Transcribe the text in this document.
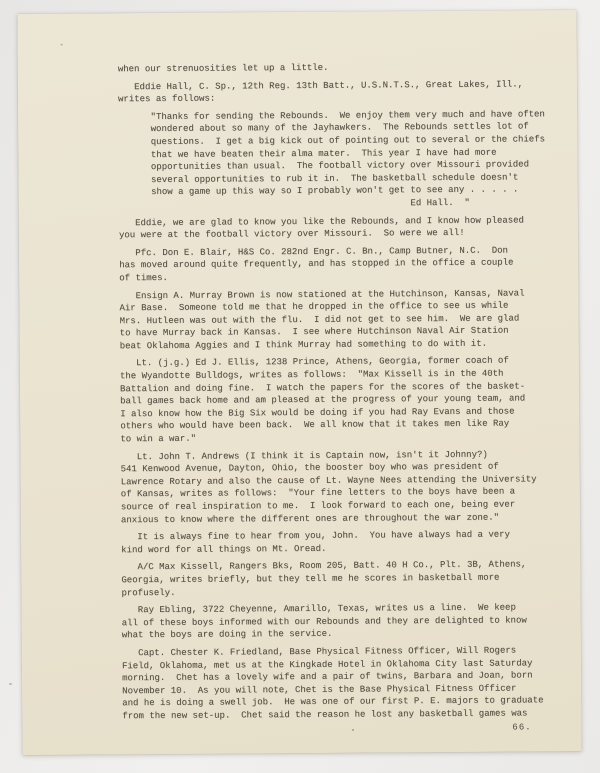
when our strenuosities let up a little.
Eddie Hall, C. Sp., 12th Reg. 13th Batt., U.S.N.T.S., Great Lakes, Ill.,
writes as follows:
"Thanks for sending the Rebounds.  We enjoy them very much and have often
wondered about so many of the Jayhawkers.  The Rebounds settles lot of
questions.  I get a big kick out of pointing out to several or the chiefs
that we have beaten their alma mater.  This year I have had more
opportunities than usual.  The football victory over Missouri provided
several opportunities to rub it in.  The basketball schedule doesn't
show a game up this way so I probably won't get to see any . . . . .
Ed Hall.  "
Eddie, we are glad to know you like the Rebounds, and I know how pleased
you were at the football victory over Missouri.  So were we all!
Pfc. Don E. Blair, H&S Co. 282nd Engr. C. Bn., Camp Butner, N.C.  Don
has moved around quite frequently, and has stopped in the office a couple
of times.
Ensign A. Murray Brown is now stationed at the Hutchinson, Kansas, Naval
Air Base.  Someone told me that he dropped in the office to see us while
Mrs. Hutleen was out with the flu.  I did not get to see him.  We are glad
to have Murray back in Kansas.  I see where Hutchinson Naval Air Station
beat Oklahoma Aggies and I think Murray had something to do with it.
Lt. (j.g.) Ed J. Ellis, 1238 Prince, Athens, Georgia, former coach of
the Wyandotte Bulldogs, writes as follows:  "Max Kissell is in the 40th
Battalion and doing fine.  I watch the papers for the scores of the basket-
ball games back home and am pleased at the progress of your young team, and
I also know how the Big Six would be doing if you had Ray Evans and those
others who would have been back.  We all know that it takes men like Ray
to win a war."
Lt. John T. Andrews (I think it is Captain now, isn't it Johnny?)
541 Kenwood Avenue, Dayton, Ohio, the booster boy who was president of
Lawrence Rotary and also the cause of Lt. Wayne Nees attending the University
of Kansas, writes as follows:  "Your fine letters to the boys have been a
source of real inspiration to me.  I look forward to each one, being ever
anxious to know where the different ones are throughout the war zone."
It is always fine to hear from you, John.  You have always had a very
kind word for all things on Mt. Oread.
A/C Max Kissell, Rangers Bks, Room 205, Batt. 40 H Co., Plt. 3B, Athens,
Georgia, writes briefly, but they tell me he scores in basketball more
profusely.
Ray Ebling, 3722 Cheyenne, Amarillo, Texas, writes us a line.  We keep
all of these boys informed with our Rebounds and they are delighted to know
what the boys are doing in the service.
Capt. Chester K. Friedland, Base Physical Fitness Officer, Will Rogers
Field, Oklahoma, met us at the Kingkade Hotel in Oklahoma City last Saturday
morning.  Chet has a lovely wife and a pair of twins, Barbara and Joan, born
November 10.  As you will note, Chet is the Base Physical Fitness Officer
and he is doing a swell job.  He was one of our first P. E. majors to graduate
from the new set-up.  Chet said the reason he lost any basketball games was
.	66.
